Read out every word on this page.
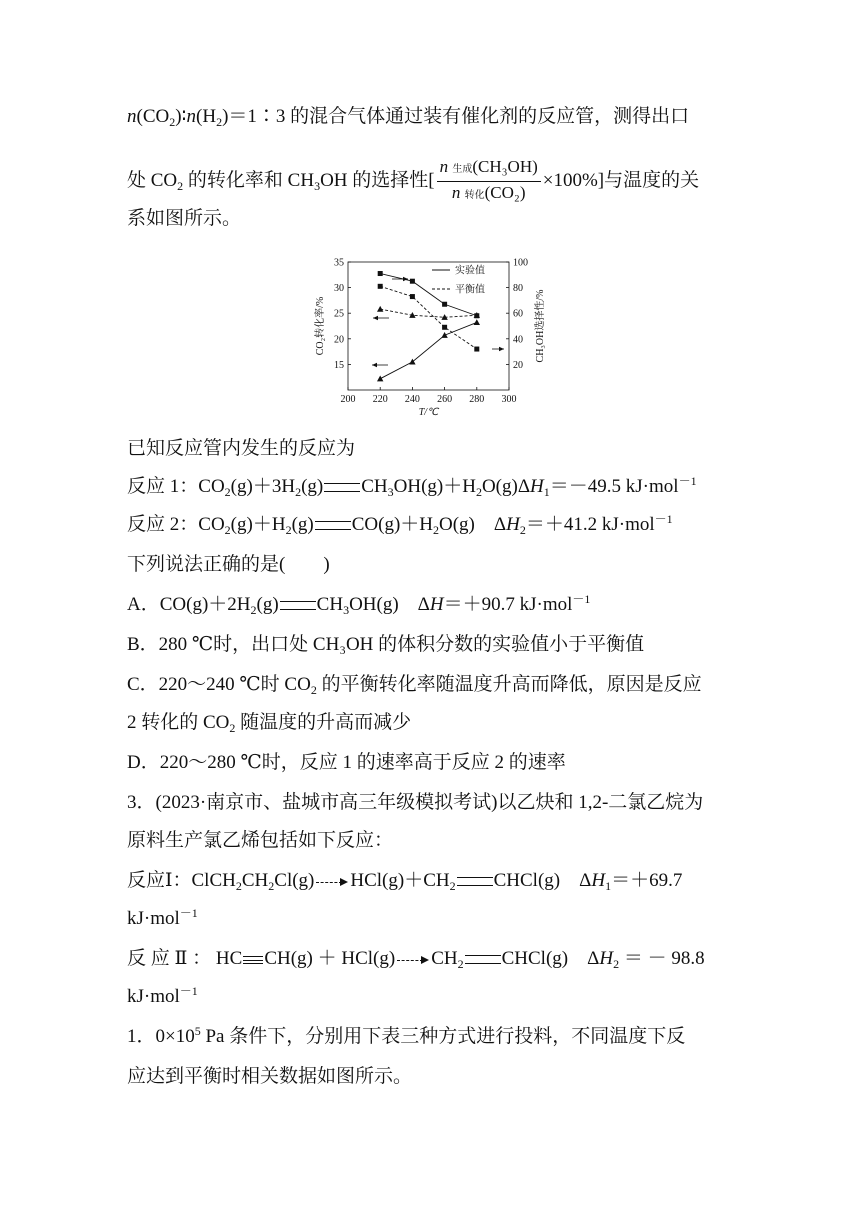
$n(CO_2)∶n(H_2)=1∶3$ 的混合气体通过装有催化剂的反应管，测得出口
处 $CO_2$ 的转化率和 $CH_3OH$ 的选择性[ $\frac{\text{n 生成(CH₃OH)}}{\text{n 转化(CO₂)}} \times 100\%$]与温度的关
系如图所示。
200 220 240 260 280 300
15
20
25
30
35
20
40
60
80
100
T/℃
CO₂转化率/%	CH₃OH选择性/%
实验值
平衡值
已知反应管内发生的反应为
反应 1：$CO_2(g)+3H_2(g)$ $CH_3OH(g)+H_2O(g)\Delta H_1=-49.5$ kJ·mol$^{-1}$
反应 2：$CO_2(g)+H_2(g)$ $CO(g)+H_2O(g)$　$\Delta H_2=+41.2$ kJ·mol$^{-1}$
下列说法正确的是(　　)
A．$CO(g)+2H_2(g)$ $CH_3OH(g)$　ΔH＝＋90.7 kJ·mol$^{-1}$
B．280 ℃时，出口处 CH₃OH 的体积分数的实验值小于平衡值
C．220～240 ℃时 $CO_2$ 的平衡转化率随温度升高而降低，原因是反应
2 转化的 $CO_2$ 随温度的升高而减少
D．220～280 ℃时，反应 1 的速率高于反应 2 的速率
3．(2023·南京市、盐城市高三年级模拟考试)以乙炔和 1,2-二氯乙烷为
原料生产氯乙烯包括如下反应：
反应Ⅰ：$ClCH_2CH_2Cl(g)$ $HCl(g)+CH_2$ CHCl(g)　$\Delta H_1=+69.7$
kJ·mol$^{-1}$
反 应 Ⅱ ： HC CH(g) ＋ HCl(g) $CH_2$ CHCl(g)　$\Delta H_2$ ＝ － 98.8
kJ·mol$^{-1}$
1．$0\times 10^5$ Pa 条件下，分别用下表三种方式进行投料，不同温度下反
应达到平衡时相关数据如图所示。
